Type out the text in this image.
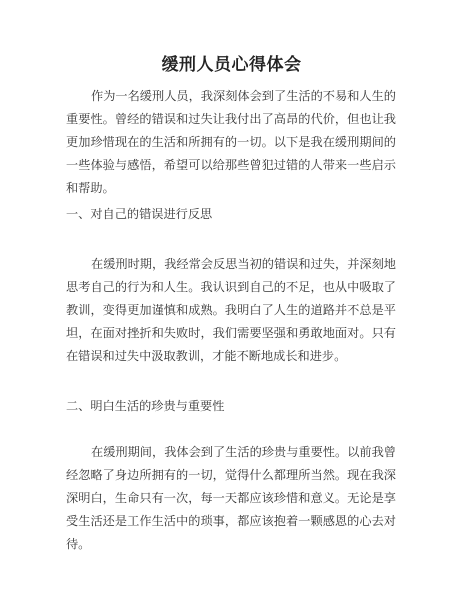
缓刑人员心得体会
作为一名缓刑人员，我深刻体会到了生活的不易和人生的重要性。曾经的错误和过失让我付出了高昂的代价，但也让我更加珍惜现在的生活和所拥有的一切。以下是我在缓刑期间的一些体验与感悟，希望可以给那些曾犯过错的人带来一些启示和帮助。
一、对自己的错误进行反思
在缓刑时期，我经常会反思当初的错误和过失，并深刻地思考自己的行为和人生。我认识到自己的不足，也从中吸取了教训，变得更加谨慎和成熟。我明白了人生的道路并不总是平坦，在面对挫折和失败时，我们需要坚强和勇敢地面对。只有在错误和过失中汲取教训，才能不断地成长和进步。
二、明白生活的珍贵与重要性
在缓刑期间，我体会到了生活的珍贵与重要性。以前我曾经忽略了身边所拥有的一切，觉得什么都理所当然。现在我深深明白，生命只有一次，每一天都应该珍惜和意义。无论是享受生活还是工作生活中的琐事，都应该抱着一颗感恩的心去对待。
